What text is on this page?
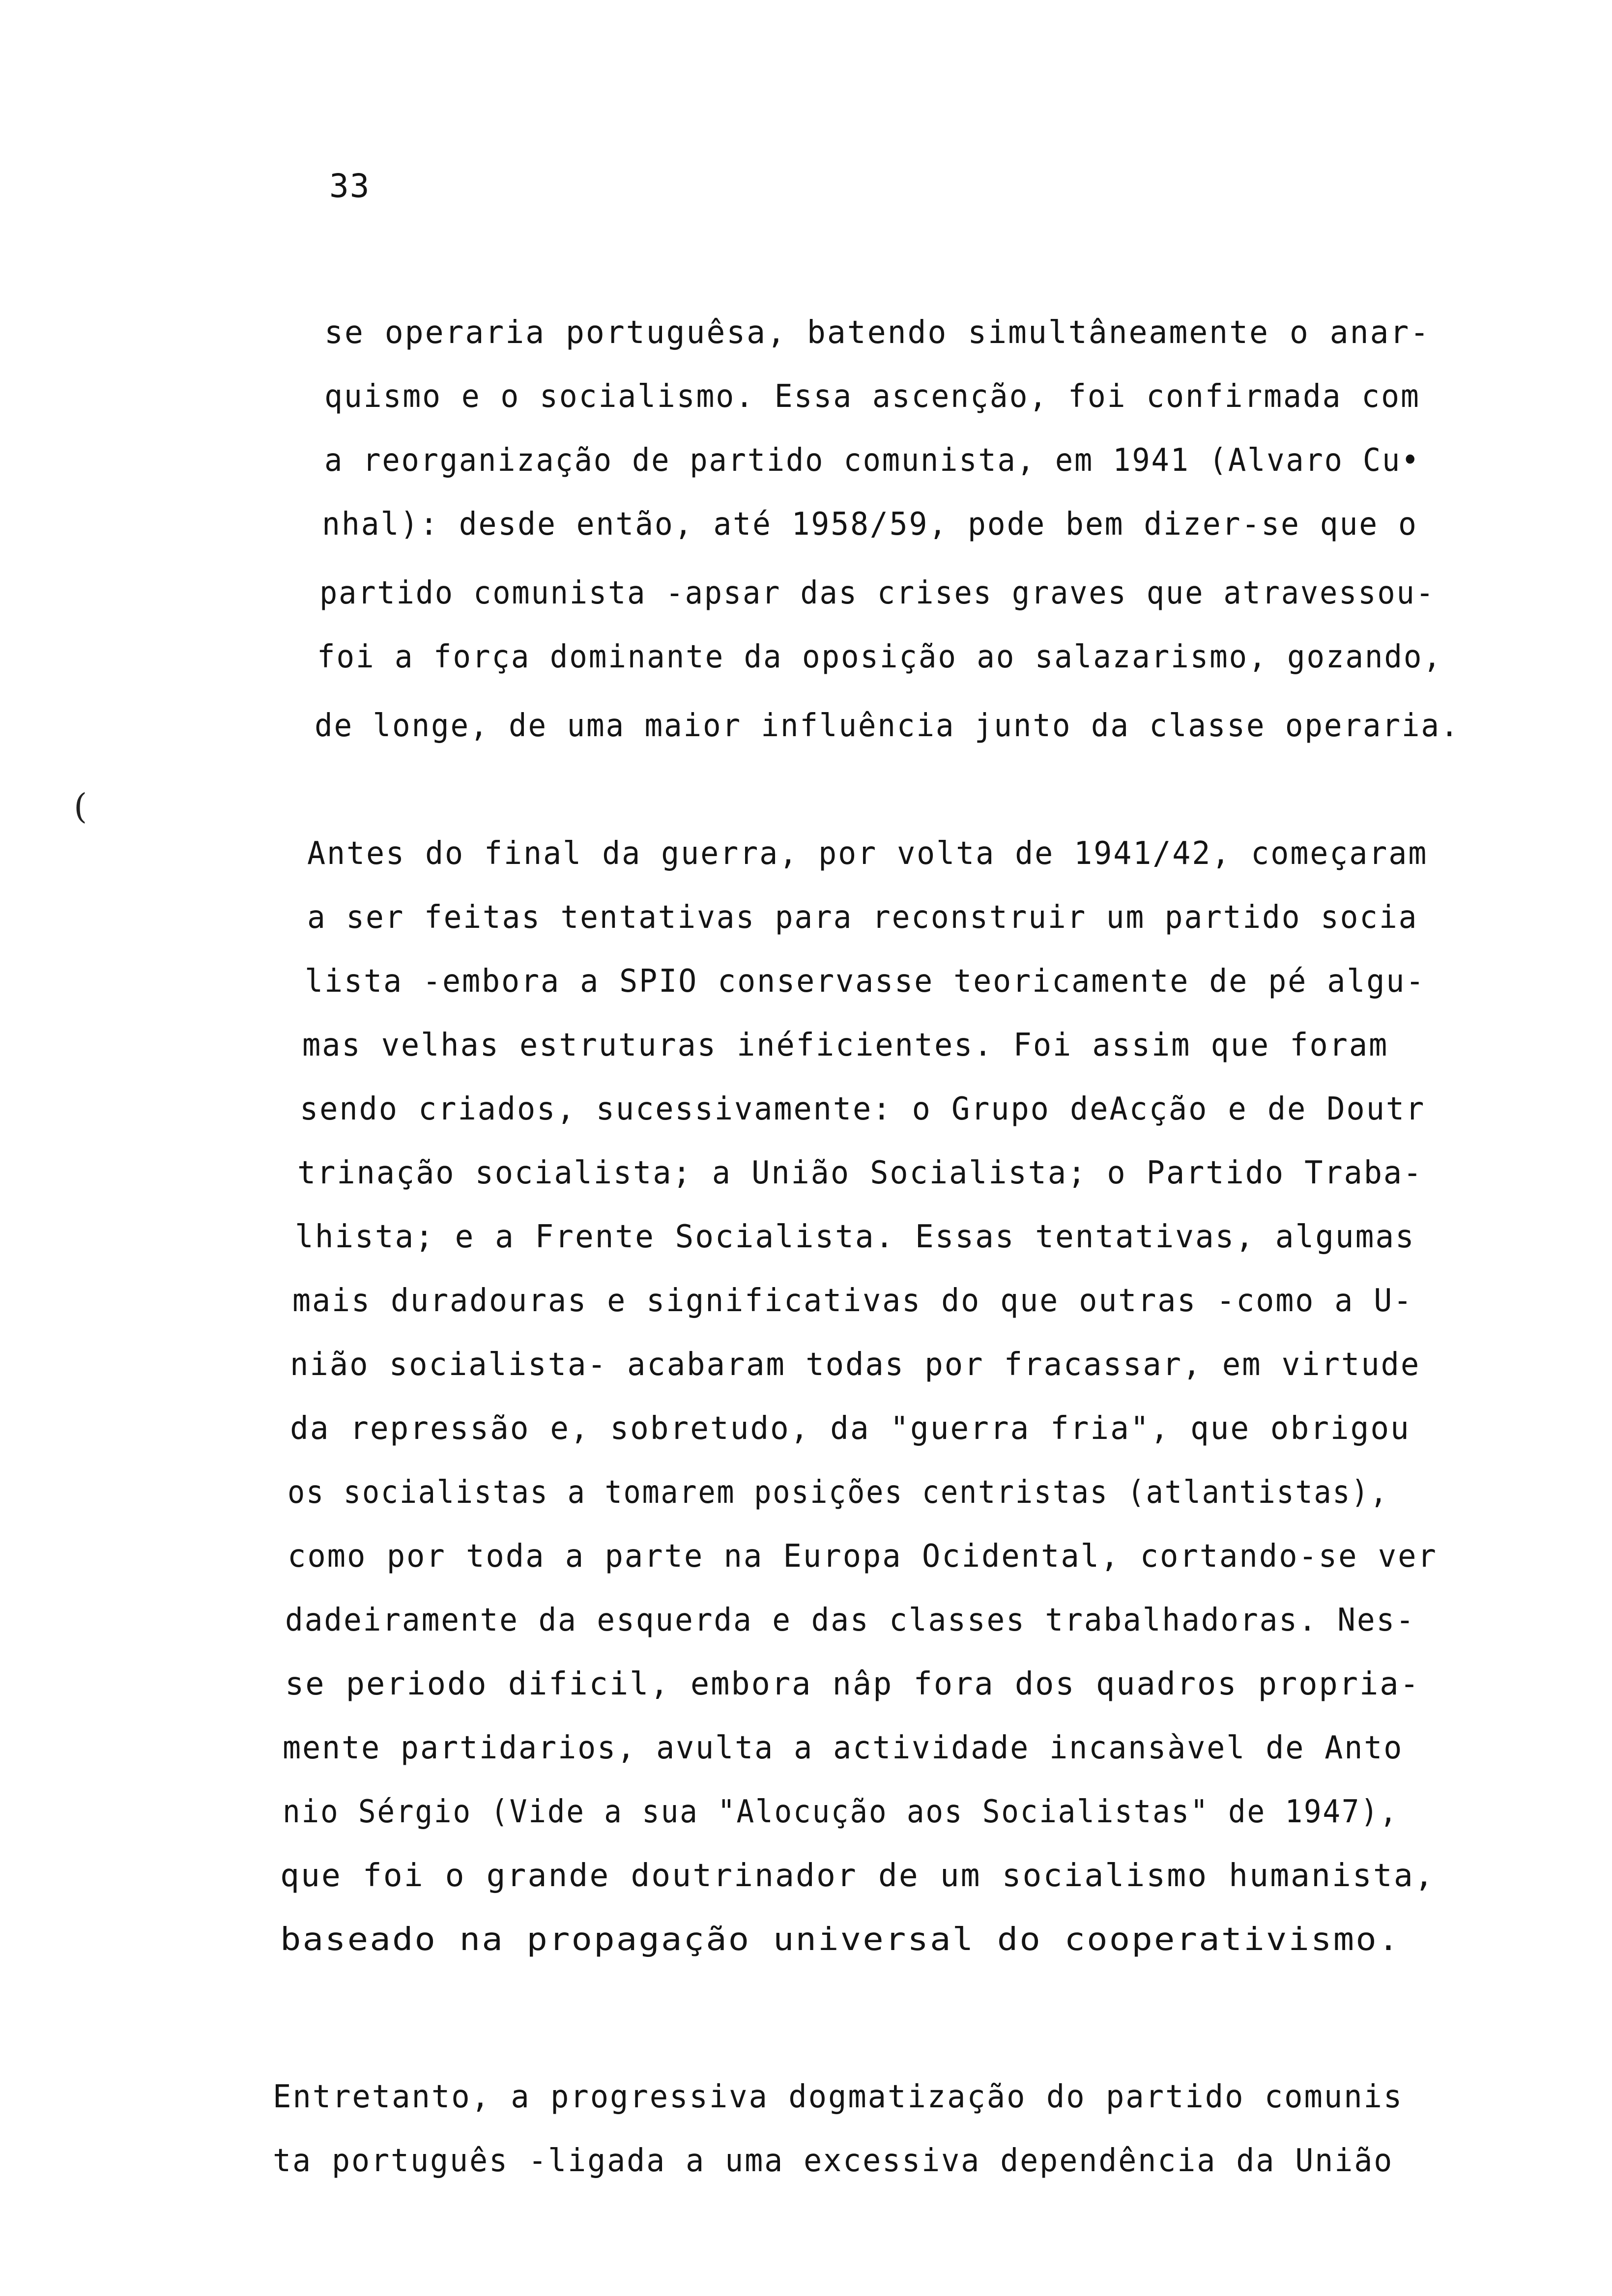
33
(
se operaria portuguêsa, batendo simultâneamente o anar-
quismo e o socialismo. Essa ascenção, foi confirmada com
a reorganização de partido comunista, em 1941 (Alvaro Cu•
nhal): desde então, até 1958/59, pode bem dizer-se que o
partido comunista -apsar das crises graves que atravessou-
foi a força dominante da oposição ao salazarismo, gozando,
de longe, de uma maior influência junto da classe operaria.
Antes do final da guerra, por volta de 1941/42, começaram
a ser feitas tentativas para reconstruir um partido socia
lista -embora a SPIO conservasse teoricamente de pé algu-
mas velhas estruturas inéficientes. Foi assim que foram
sendo criados, sucessivamente: o Grupo deAcção e de Doutr
trinação socialista; a União Socialista; o Partido Traba-
lhista; e a Frente Socialista. Essas tentativas, algumas
mais duradouras e significativas do que outras -como a U-
nião socialista- acabaram todas por fracassar, em virtude
da repressão e, sobretudo, da "guerra fria", que obrigou
os socialistas a tomarem posições centristas (atlantistas),
como por toda a parte na Europa Ocidental, cortando-se ver
dadeiramente da esquerda e das classes trabalhadoras. Nes-
se periodo dificil, embora nâp fora dos quadros propria-
mente partidarios, avulta a actividade incansàvel de Anto
nio Sérgio (Vide a sua "Alocução aos Socialistas" de 1947),
que foi o grande doutrinador de um socialismo humanista,
baseado na propagação universal do cooperativismo.
Entretanto, a progressiva dogmatização do partido comunis
ta português -ligada a uma excessiva dependência da União
